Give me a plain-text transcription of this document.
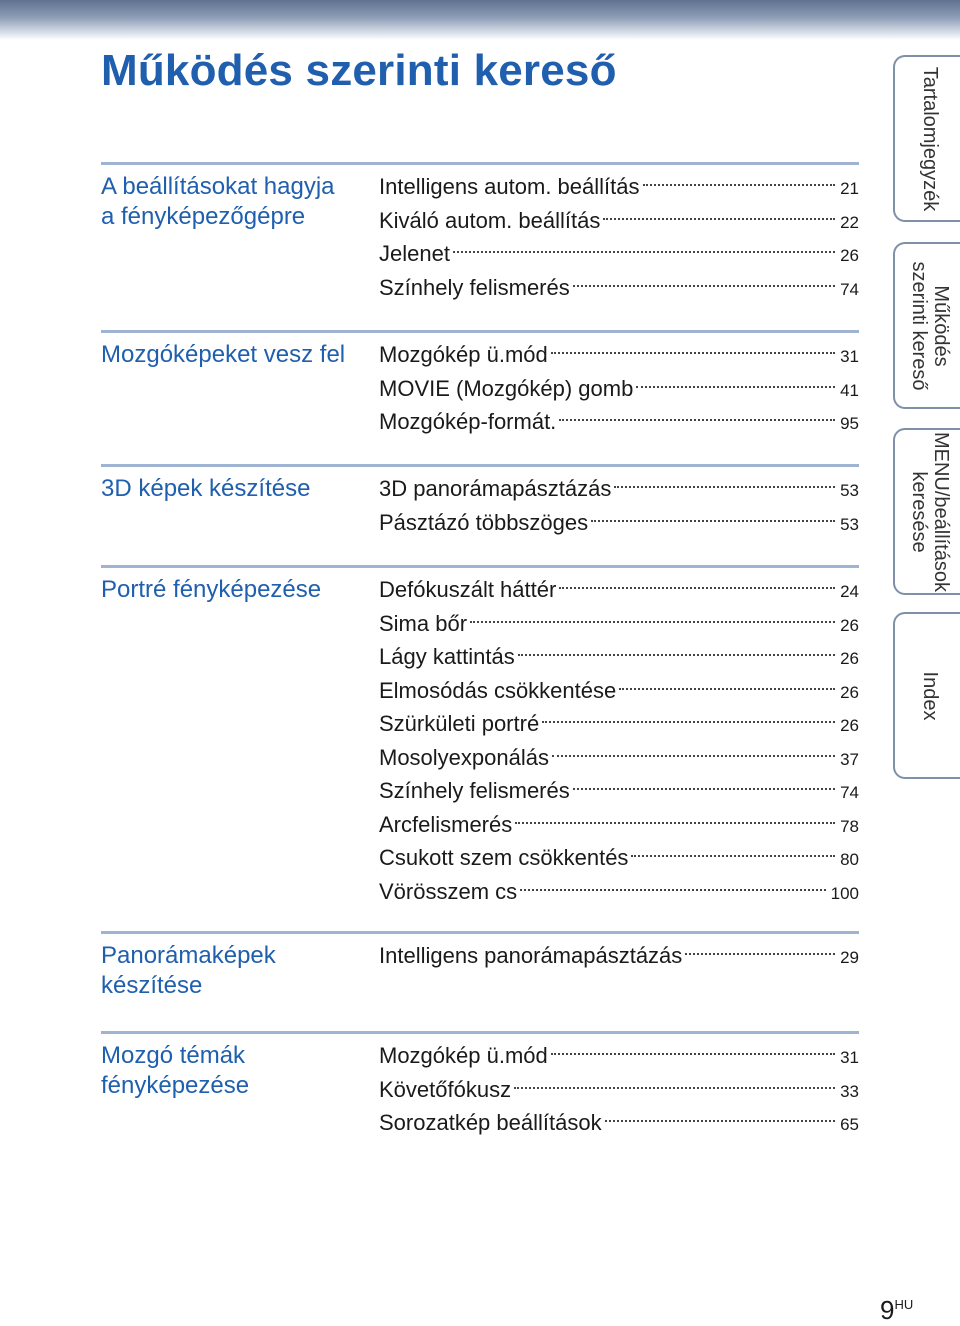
Működés szerinti kereső
A beállításokat hagyja
a fényképezőgépre
Intelligens autom. beállítás	21
Kiváló autom. beállítás	22
Jelenet	26
Színhely felismerés	74
Mozgóképeket vesz fel	Mozgókép ü.mód	31
MOVIE (Mozgókép) gomb	41
Mozgókép-formát.	95
3D képek készítése	3D panorámapásztázás	53
Pásztázó többszöges	53
Portré fényképezése	Defókuszált háttér	24
Sima bőr	26
Lágy kattintás	26
Elmosódás csökkentése	26
Szürkületi portré	26
Mosolyexponálás	37
Színhely felismerés	74
Arcfelismerés	78
Csukott szem csökkentés	80
Vörösszem cs	100
Panorámaképek
készítése
Intelligens panorámapásztázás	29
Mozgó témák
fényképezése
Mozgókép ü.mód	31
Követőfókusz	33
Sorozatkép beállítások	65
Tartalomjegyzék
Működés
szerinti kereső
MENU/beállítások
keresése
Index
$9^{HU}$
